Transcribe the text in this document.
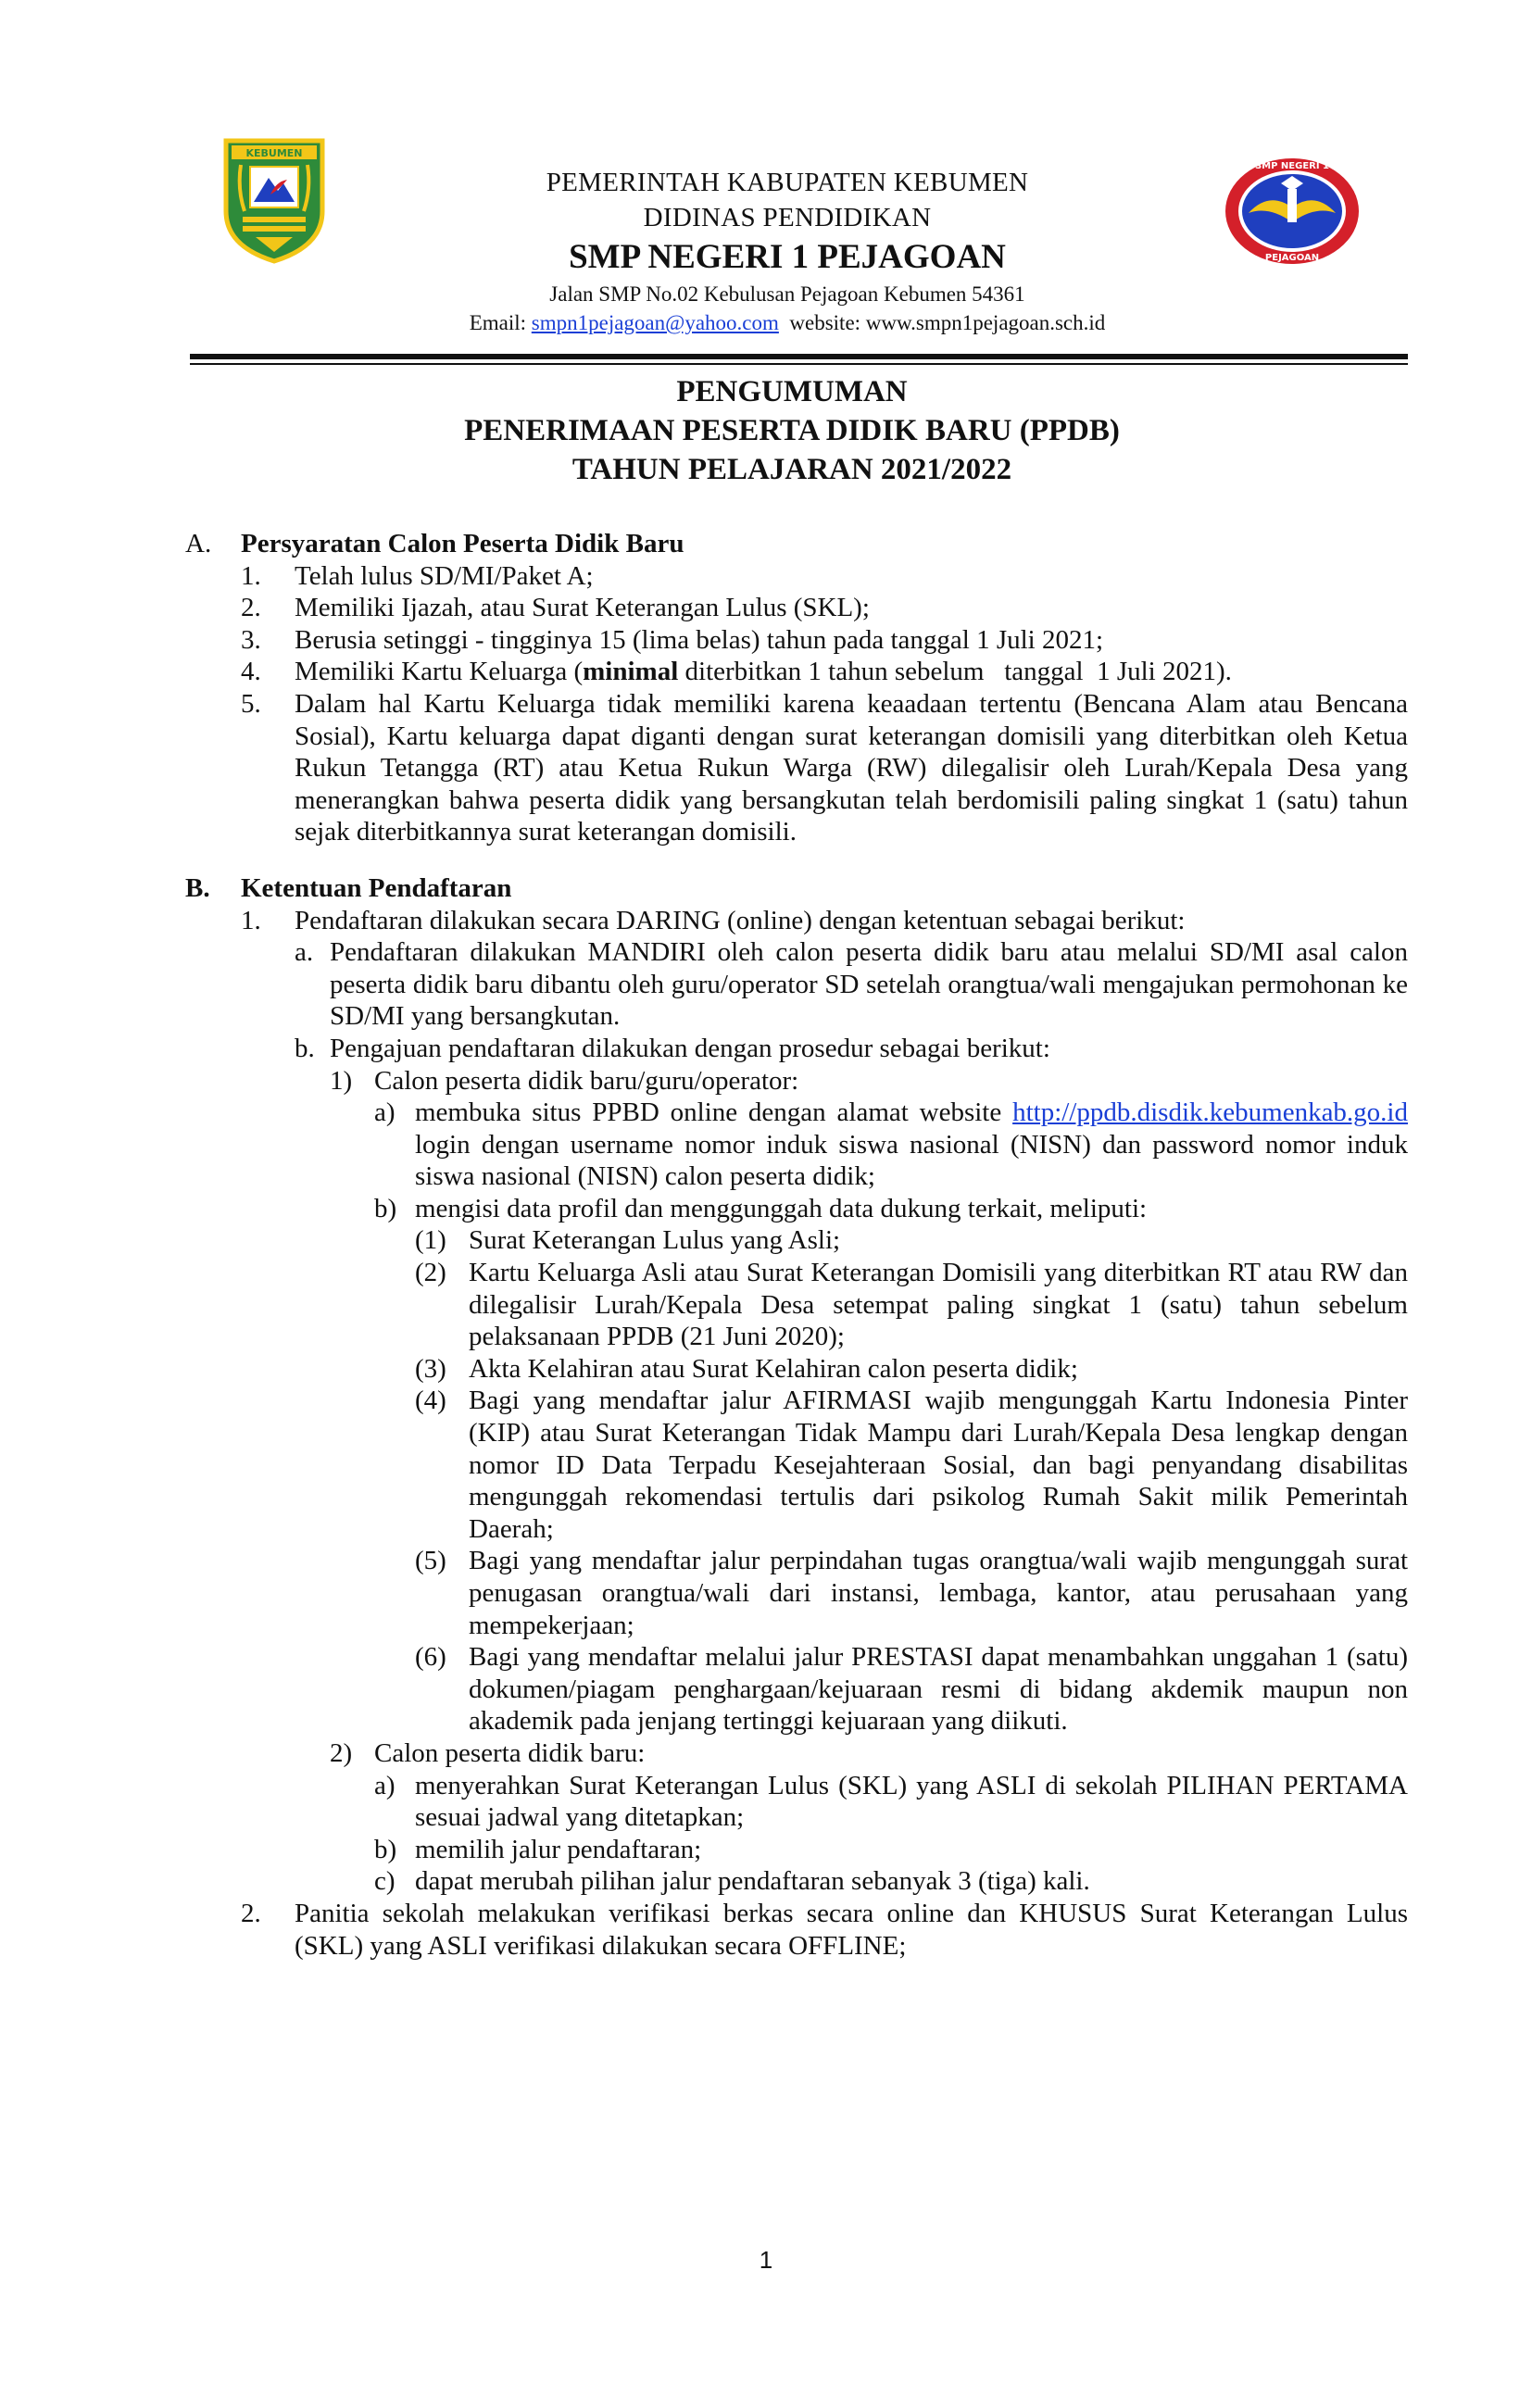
KEBUMEN
PEMERINTAH KABUPATEN KEBUMEN
DIDINAS PENDIDIKAN
SMP NEGERI 1 PEJAGOAN
Jalan SMP No.02 Kebulusan Pejagoan Kebumen 54361
Email: smpn1pejagoan@yahoo.com  website: www.smpn1pejagoan.sch.id
SMP NEGERI 1
PEJAGOAN
PENGUMUMAN
PENERIMAAN PESERTA DIDIK BARU (PPDB)
TAHUN PELAJARAN 2021/2022
A.	Persyaratan Calon Peserta Didik Baru
1.	Telah lulus SD/MI/Paket A;
2.	Memiliki Ijazah, atau Surat Keterangan Lulus (SKL);
3.	Berusia setinggi - tingginya 15 (lima belas) tahun pada tanggal 1 Juli 2021;
4.	Memiliki Kartu Keluarga (minimal diterbitkan 1 tahun sebelum   tanggal  1 Juli 2021).
5.	Dalam hal Kartu Keluarga tidak memiliki karena keaadaan tertentu (Bencana Alam atau Bencana Sosial), Kartu keluarga dapat diganti dengan surat keterangan domisili yang diterbitkan oleh Ketua Rukun Tetangga (RT) atau Ketua Rukun Warga (RW) dilegalisir oleh Lurah/Kepala Desa yang menerangkan bahwa peserta didik yang bersangkutan telah berdomisili paling singkat 1 (satu) tahun sejak diterbitkannya surat keterangan domisili.
B.	Ketentuan Pendaftaran
1.	Pendaftaran dilakukan secara DARING (online) dengan ketentuan sebagai berikut:
a. Pendaftaran dilakukan MANDIRI oleh calon peserta didik baru atau melalui SD/MI asal calon peserta didik baru dibantu oleh guru/operator SD setelah orangtua/wali mengajukan permohonan ke SD/MI yang bersangkutan.
b. Pengajuan pendaftaran dilakukan dengan prosedur sebagai berikut:
1) Calon peserta didik baru/guru/operator:
a) membuka situs PPBD online dengan alamat website http://ppdb.disdik.kebumenkab.go.id login dengan username nomor induk siswa nasional (NISN) dan password nomor induk siswa nasional (NISN) calon peserta didik;
b) mengisi data profil dan menggunggah data dukung terkait, meliputi:
(1) Surat Keterangan Lulus yang Asli;
(2) Kartu Keluarga Asli atau Surat Keterangan Domisili yang diterbitkan RT atau RW dan dilegalisir Lurah/Kepala Desa setempat paling singkat 1 (satu) tahun sebelum pelaksanaan PPDB (21 Juni 2020);
(3) Akta Kelahiran atau Surat Kelahiran calon peserta didik;
(4) Bagi yang mendaftar jalur AFIRMASI wajib mengunggah Kartu Indonesia Pinter (KIP) atau Surat Keterangan Tidak Mampu dari Lurah/Kepala Desa lengkap dengan nomor ID Data Terpadu Kesejahteraan Sosial, dan bagi penyandang disabilitas mengunggah rekomendasi tertulis dari psikolog Rumah Sakit milik Pemerintah Daerah;
(5) Bagi yang mendaftar jalur perpindahan tugas orangtua/wali wajib mengunggah surat penugasan orangtua/wali dari instansi, lembaga, kantor, atau perusahaan yang mempekerjaan;
(6) Bagi yang mendaftar melalui jalur PRESTASI dapat menambahkan unggahan 1 (satu) dokumen/piagam penghargaan/kejuaraan resmi di bidang akdemik maupun non akademik pada jenjang tertinggi kejuaraan yang diikuti.
2) Calon peserta didik baru:
a) menyerahkan Surat Keterangan Lulus (SKL) yang ASLI di sekolah PILIHAN PERTAMA sesuai jadwal yang ditetapkan;
b) memilih jalur pendaftaran;
c) dapat merubah pilihan jalur pendaftaran sebanyak 3 (tiga) kali.
2.	Panitia sekolah melakukan verifikasi berkas secara online dan KHUSUS Surat Keterangan Lulus (SKL) yang ASLI verifikasi dilakukan secara OFFLINE;
1
